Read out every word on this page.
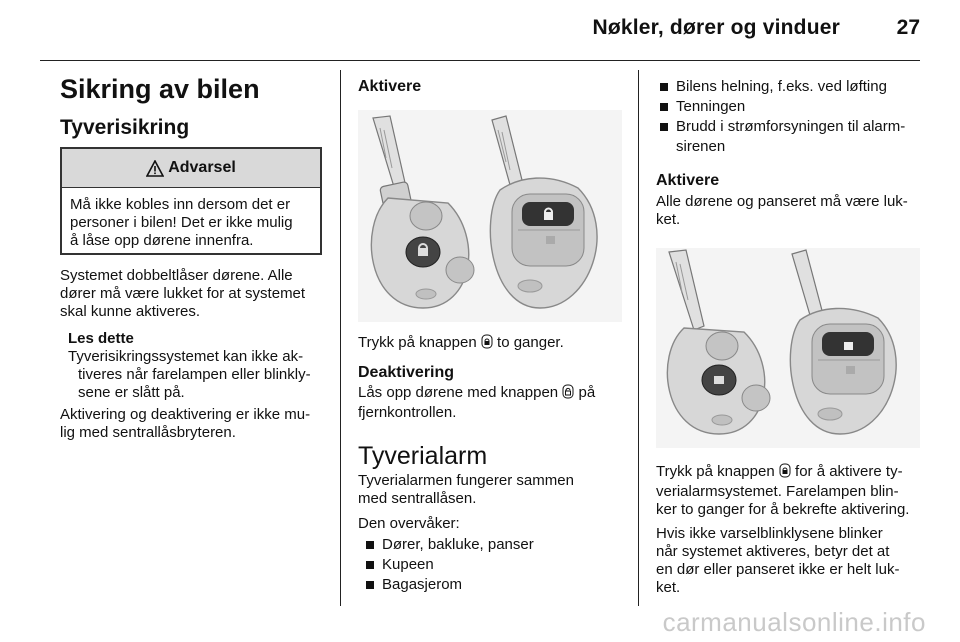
Nøkler, dører og vinduer	27
Sikring av bilen
Tyverisikring
Advarsel
Må ikke kobles inn dersom det er
personer i bilen! Det er ikke mulig
å låse opp dørene innenfra.
Systemet dobbeltlåser dørene. Alle
dører må være lukket for at systemet
skal kunne aktiveres.
Les dette
Tyverisikringssystemet kan ikke ak-
tiveres når farelampen eller blinkly-
sene er slått på.
Aktivering og deaktivering er ikke mu-
lig med sentrallåsbryteren.
Aktivere
Trykk på knappen to ganger.
Deaktivering
Lås opp dørene med knappen på
fjernkontrollen.
Tyverialarm
Tyverialarmen fungerer sammen
med sentrallåsen.
Den overvåker:
Dører, bakluke, panser
Kupeen
Bagasjerom
Bilens helning, f.eks. ved løfting
Tenningen
Brudd i strømforsyningen til alarm-
sirenen
Aktivere
Alle dørene og panseret må være luk-
ket.
Trykk på knappen for å aktivere ty-
verialarmsystemet. Farelampen blin-
ker to ganger for å bekrefte aktivering.
Hvis ikke varselblinklysene blinker
når systemet aktiveres, betyr det at
en dør eller panseret ikke er helt luk-
ket.
carmanualsonline.info
